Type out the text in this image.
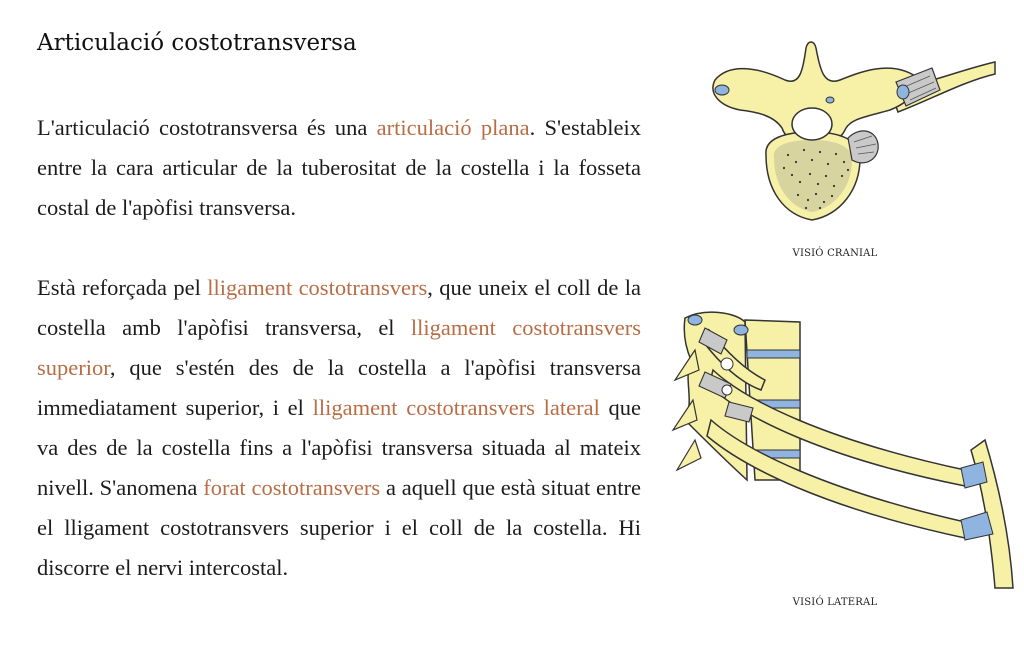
Articulació costotransversa

L'articulació costotransversa és una articulació plana. S'estableix entre la cara articular de la tuberositat de la costella i la fosseta costal de l'apòfisi transversa.

Està reforçada pel lligament costotransvers, que uneix el coll de la costella amb l'apòfisi transversa, el lligament costotransvers superior, que s'estén des de la costella a l'apòfisi transversa immediatament superior, i el lligament costotransvers lateral que va des de la costella fins a l'apòfisi transversa situada al mateix nivell. S'anomena forat costotransvers a aquell que està situat entre el lligament costotransvers superior i el coll de la costella. Hi discorre el nervi intercostal.

VISIÓ CRANIAL
VISIÓ LATERAL
